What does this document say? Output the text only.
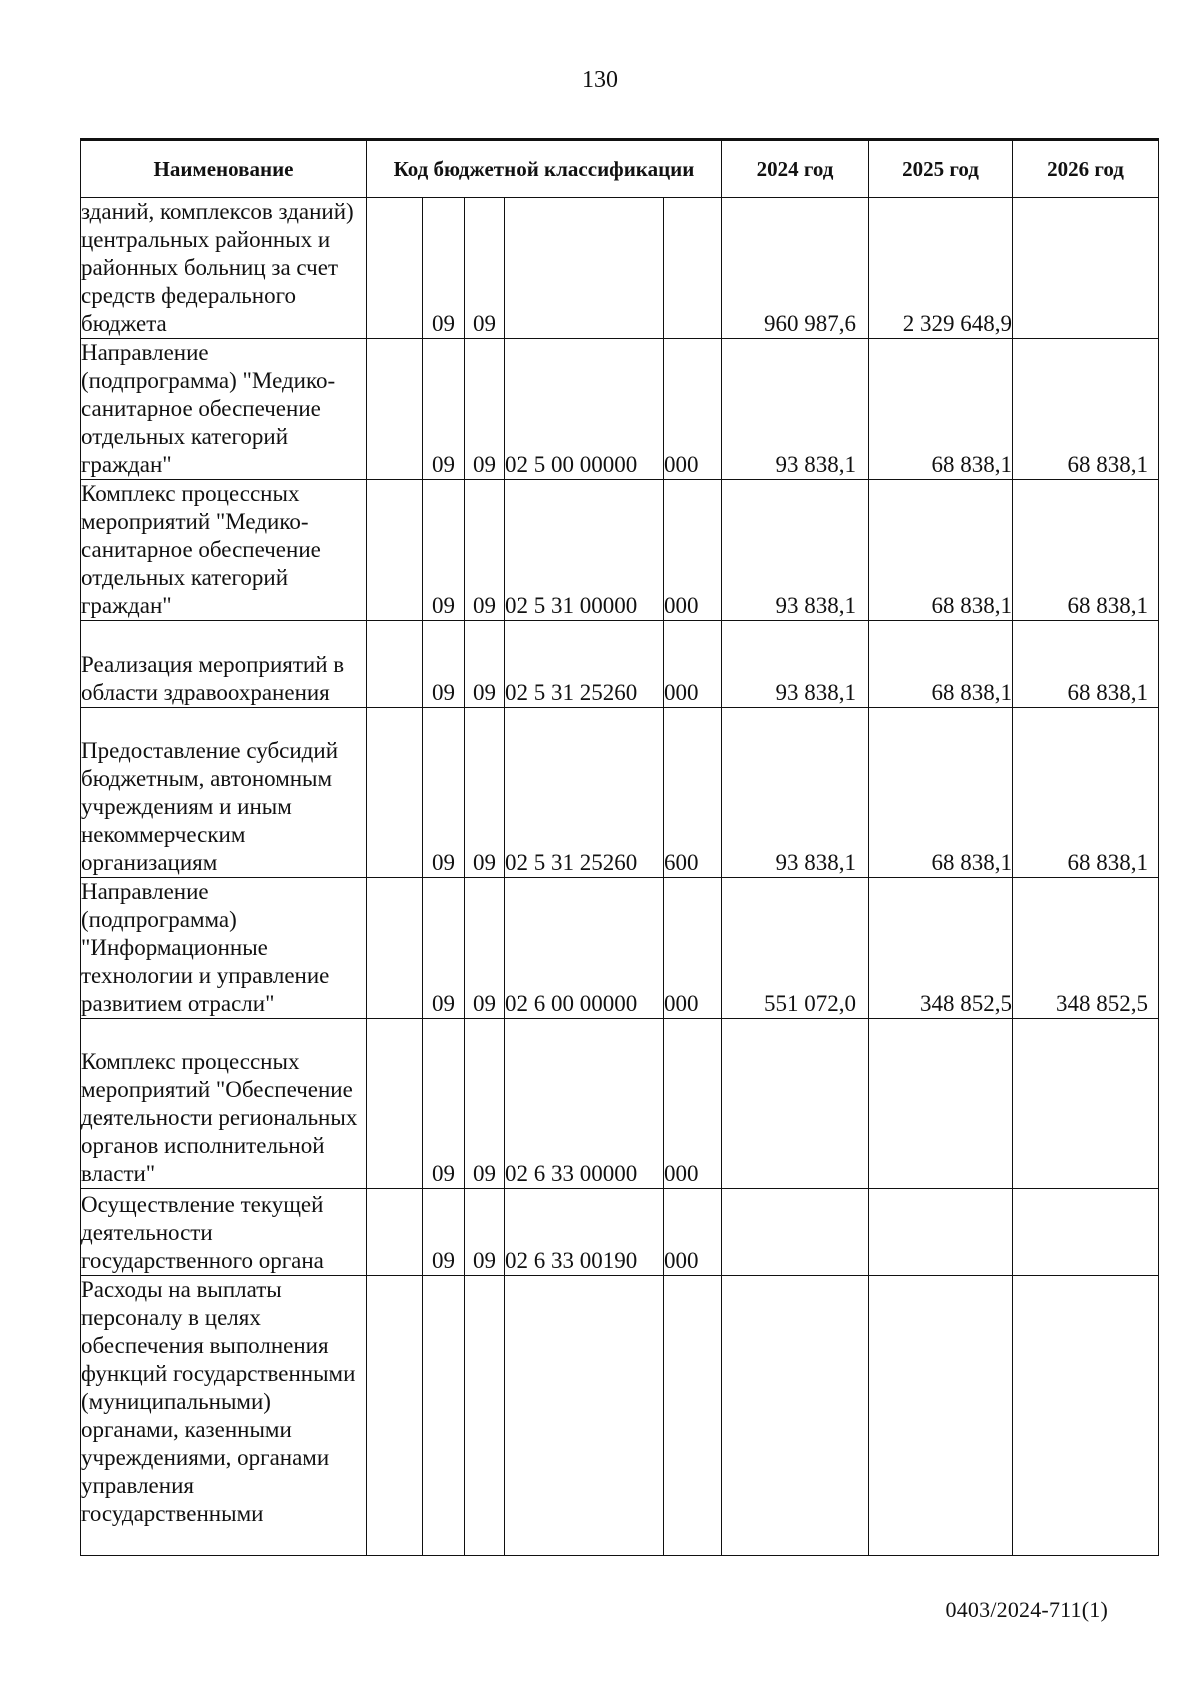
130
Наименование	Код бюджетной классификации					2024 год	2025 год	2026 год
зданий, комплексов зданий) центральных районных и районных больниц за счет средств федерального бюджета		09	09			960 987,6	2 329 648,9	
Направление (подпрограмма) "Медико-санитарное обеспечение отдельных категорий граждан"		09	09	02 5 00 00000	000	93 838,1	68 838,1	68 838,1
Комплекс процессных мероприятий "Медико-санитарное обеспечение отдельных категорий граждан"		09	09	02 5 31 00000	000	93 838,1	68 838,1	68 838,1
Реализация мероприятий в области здравоохранения		09	09	02 5 31 25260	000	93 838,1	68 838,1	68 838,1
Предоставление субсидий бюджетным, автономным учреждениям и иным некоммерческим организациям		09	09	02 5 31 25260	600	93 838,1	68 838,1	68 838,1
Направление (подпрограмма) "Информационные технологии и управление развитием отрасли"		09	09	02 6 00 00000	000	551 072,0	348 852,5	348 852,5
Комплекс процессных мероприятий "Обеспечение деятельности региональных органов исполнительной власти"		09	09	02 6 33 00000	000			
Осуществление текущей деятельности государственного органа		09	09	02 6 33 00190	000			
Расходы на выплаты персоналу в целях обеспечения выполнения функций государственными (муниципальными) органами, казенными учреждениями, органами управления государственными								
0403/2024-711(1)
